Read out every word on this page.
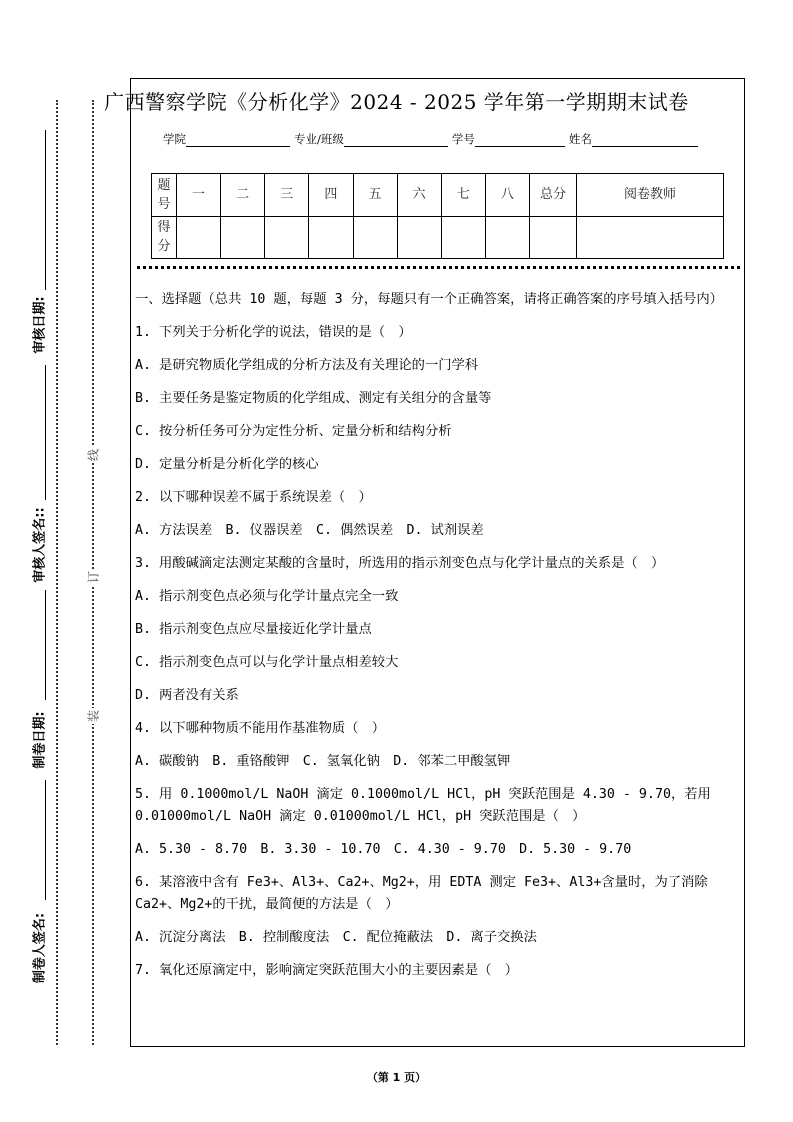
审核日期:
审核人签名::
制卷日期:
制卷人签名:
线
订
装
广西警察学院《分析化学》2024 - 2025 学年第一学期期末试卷
学院	专业/班级	学号	姓名
题号	一	二	三	四	五	六	七	八	总分	阅卷教师
得分										

一、选择题（总共 10 题，每题 3 分，每题只有一个正确答案，请将正确答案的序号填入括号内）

1. 下列关于分析化学的说法，错误的是（　）

A. 是研究物质化学组成的分析方法及有关理论的一门学科

B. 主要任务是鉴定物质的化学组成、测定有关组分的含量等

C. 按分析任务可分为定性分析、定量分析和结构分析

D. 定量分析是分析化学的核心

2. 以下哪种误差不属于系统误差（　）

A. 方法误差　B. 仪器误差　C. 偶然误差　D. 试剂误差

3. 用酸碱滴定法测定某酸的含量时，所选用的指示剂变色点与化学计量点的关系是（　）

A. 指示剂变色点必须与化学计量点完全一致

B. 指示剂变色点应尽量接近化学计量点

C. 指示剂变色点可以与化学计量点相差较大

D. 两者没有关系

4. 以下哪种物质不能用作基准物质（　）

A. 碳酸钠　B. 重铬酸钾　C. 氢氧化钠　D. 邻苯二甲酸氢钾

5. 用 0.1000mol/L NaOH 滴定 0.1000mol/L HCl，pH 突跃范围是 4.30 - 9.70，若用 0.01000mol/L NaOH 滴定 0.01000mol/L HCl，pH 突跃范围是（　）

A. 5.30 - 8.70　B. 3.30 - 10.70　C. 4.30 - 9.70　D. 5.30 - 9.70

6. 某溶液中含有 Fe3+、Al3+、Ca2+、Mg2+，用 EDTA 测定 Fe3+、Al3+含量时，为了消除 Ca2+、Mg2+的干扰，最简便的方法是（　）

A. 沉淀分离法　B. 控制酸度法　C. 配位掩蔽法　D. 离子交换法

7. 氧化还原滴定中，影响滴定突跃范围大小的主要因素是（　）

（第 1 页）
